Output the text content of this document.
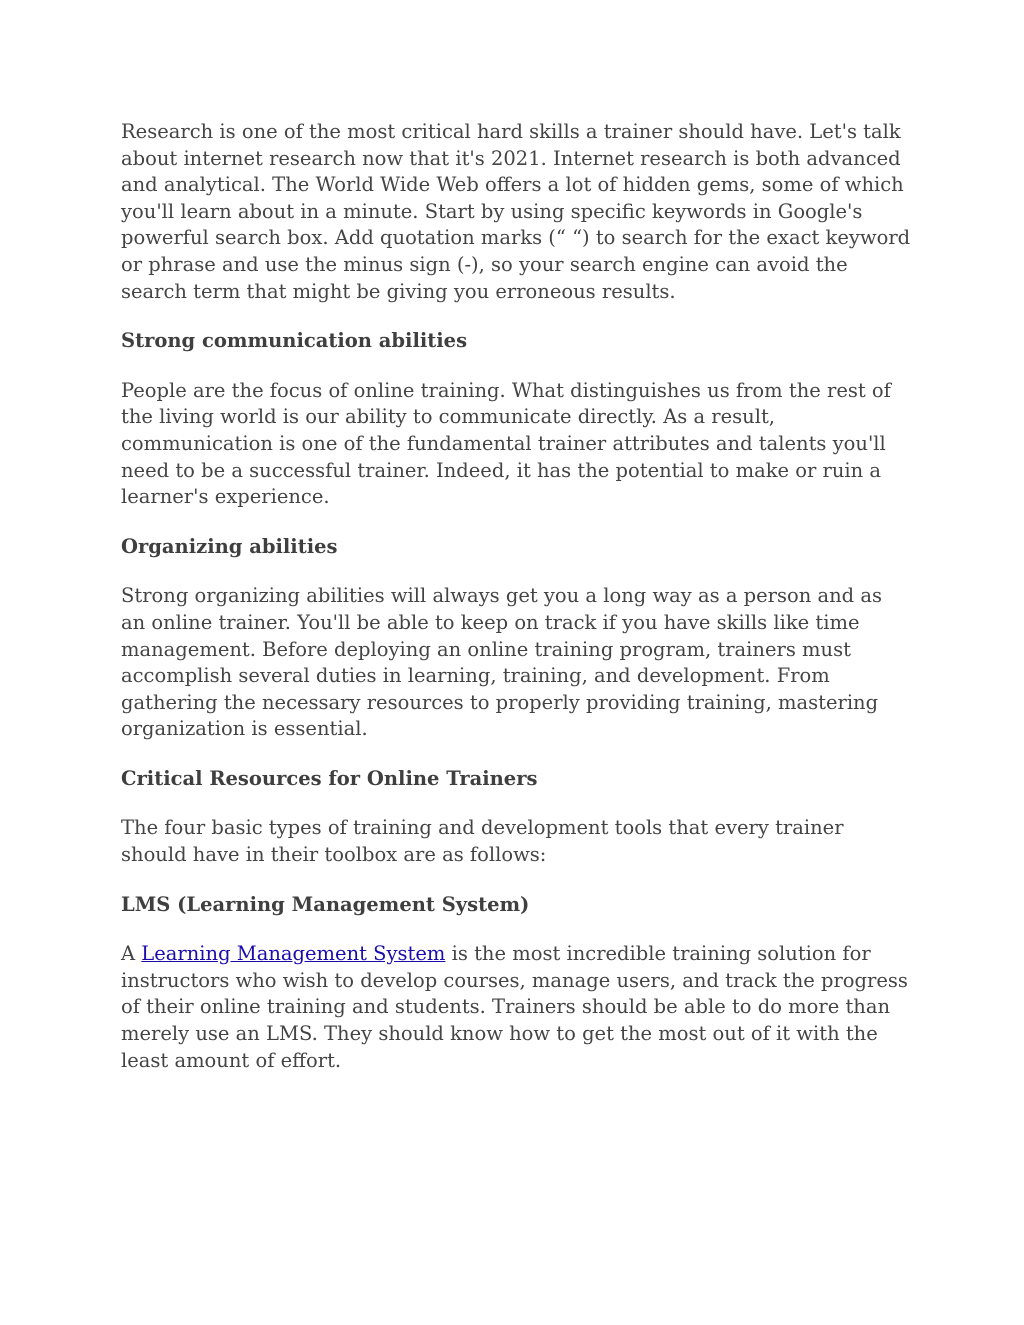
Research is one of the most critical hard skills a trainer should have. Let's talk about internet research now that it's 2021. Internet research is both advanced and analytical. The World Wide Web offers a lot of hidden gems, some of which you'll learn about in a minute. Start by using specific keywords in Google's powerful search box. Add quotation marks (“ “) to search for the exact keyword or phrase and use the minus sign (-), so your search engine can avoid the search term that might be giving you erroneous results.

Strong communication abilities

People are the focus of online training. What distinguishes us from the rest of the living world is our ability to communicate directly. As a result, communication is one of the fundamental trainer attributes and talents you'll need to be a successful trainer. Indeed, it has the potential to make or ruin a learner's experience.

Organizing abilities

Strong organizing abilities will always get you a long way as a person and as an online trainer. You'll be able to keep on track if you have skills like time management. Before deploying an online training program, trainers must accomplish several duties in learning, training, and development. From gathering the necessary resources to properly providing training, mastering organization is essential.

Critical Resources for Online Trainers

The four basic types of training and development tools that every trainer should have in their toolbox are as follows:

LMS (Learning Management System)

A Learning Management System is the most incredible training solution for instructors who wish to develop courses, manage users, and track the progress of their online training and students. Trainers should be able to do more than merely use an LMS. They should know how to get the most out of it with the least amount of effort.
